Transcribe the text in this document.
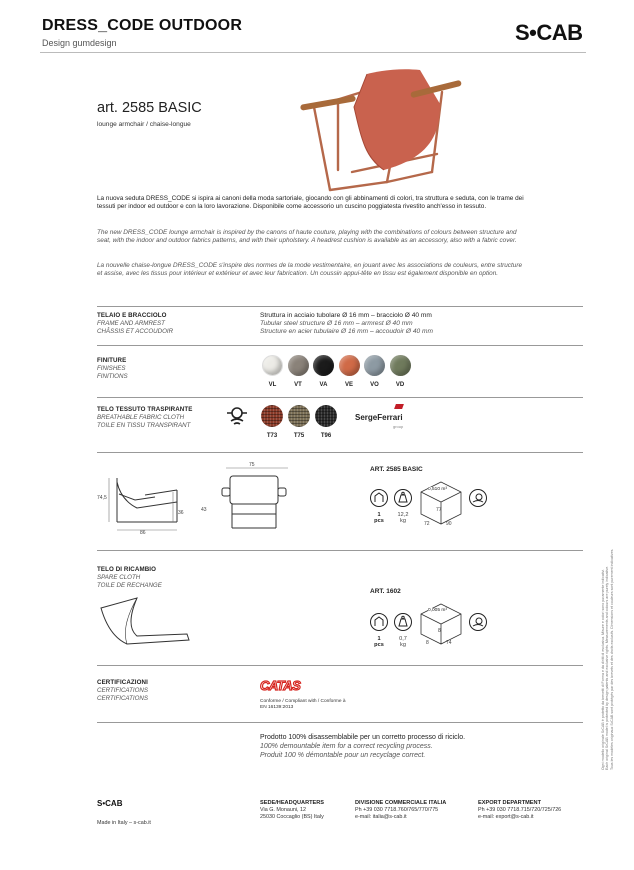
DRESS_CODE OUTDOOR
Design gumdesign	S•CAB
art. 2585 BASIC
lounge armchair / chaise-longue
La nuova seduta DRESS_CODE si ispira ai canoni della moda sartoriale, giocando con gli abbinamenti di colori, tra struttura e seduta, con le trame dei tessuti per indoor ed outdoor e con la loro lavorazione. Disponibile come accessorio un cuscino poggiatesta rivestito anch'esso in tessuto.
The new DRESS_CODE lounge armchair is inspired by the canons of haute couture, playing with the combinations of colours between structure and seat, with the indoor and outdoor fabrics patterns, and with their upholstery. A headrest cushion is available as an accessory, also with a fabric cover.
La nouvelle chaise-longue DRESS_CODE s'inspire des normes de la mode vestimentaire, en jouant avec les associations de couleurs, entre structure et assise, avec les tissus pour intérieur et extérieur et avec leur fabrication. Un coussin appui-tête en tissu est également disponible en option.
TELAIO E BRACCIOLO
FRAME AND ARMREST
CHÂSSIS ET ACCOUDOIR
Struttura in acciaio tubolare Ø 16 mm – bracciolo Ø 40 mm
Tubular steel structure Ø 16 mm – armrest Ø 40 mm
Structure en acier tubulaire Ø 16 mm – accoudoir Ø 40 mm
FINITURE
FINISHES
FINITIONS
VL	VT	VA	VE	VO	VD
TELO TESSUTO TRASPIRANTE
BREATHABLE FABRIC CLOTH
TOILE EN TISSU TRANSPIRANT
T73	T75	T96
SergeFerrari
group
74,5
36
86
75
43
ART. 2585 BASIC
1
pcs
12,2
kg
0,510 m³
77
72	90
TELO DI RICAMBIO
SPARE CLOTH
TOILE DE RECHANGE
ART. 1602
1
pcs
0,7
kg
0,005 m³
8
8	74
CERTIFICAZIONI
CERTIFICATIONS
CERTIFICATIONS
CATAS
Conforme / Compliant with / Conforme à
EN 16139:2013
Prodotto 100% disassemblabile per un corretto processo di riciclo.
100% demountable item for a correct recycling process.
Produit 100 % démontable pour un recyclage correct.
S•CAB
Made in Italy – s-cab.it
SEDE/HEADQUARTERS
Via G. Monauni, 12
25030 Coccaglio (BS) Italy
DIVISIONE COMMERCIALE ITALIA
Ph +39 030 7718.760/765/770/775
e-mail: italia@s-cab.it
EXPORT DEPARTMENT
Ph +39 030 7718.715/720/725/726
e-mail: export@s-cab.it
Ogni modello originale S•CAB è protetto da brevetti di Forma e da diritti di esclusiva. Misure e colori sono puramente indicativi.
Each original S•CAB model is protected by design patents and exclusive rights. Measurements and colours are purely indicative.
Tous les modèles originaux S•CAB sont protégés par des brevets et des droits exclusifs. Dimensions et couleurs sont purement indicatives.
